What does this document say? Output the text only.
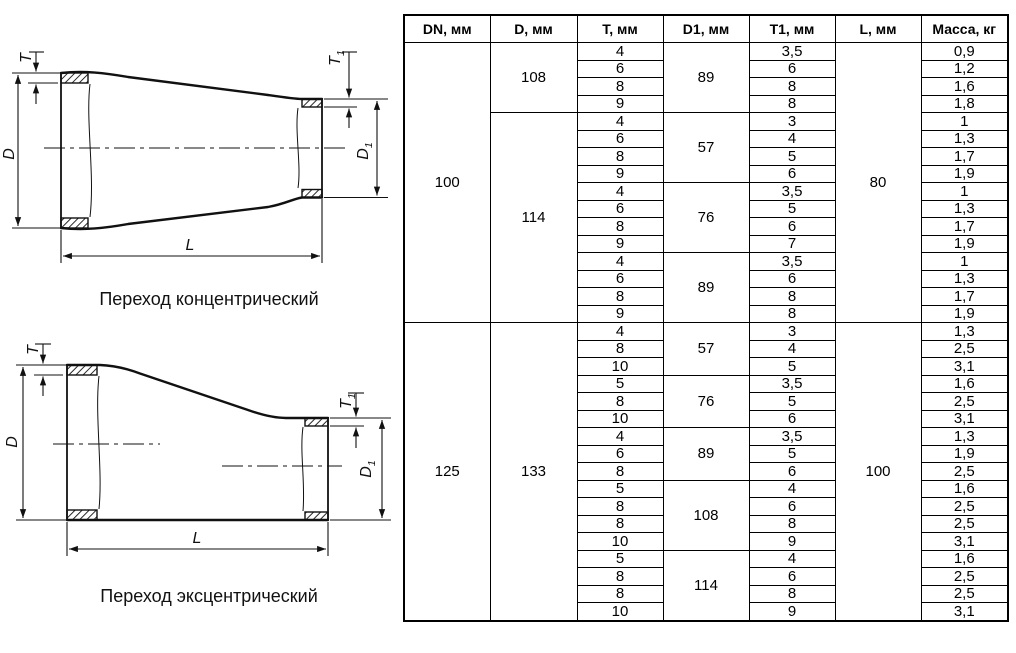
D	$D_1$
T	$T_1$
L
Переход концентрический
D
$D_1$
T
$T_1$
L
Переход эксцентрический
DN, мм	D, мм	T, мм	D1, мм	T1, мм	L, мм	Масса, кг
100	108	4	89	3,5	80	0,9
		6		6		1,2
		8		8		1,6
		9		8		1,8
	114	4	57	3		1
		6		4		1,3
		8		5		1,7
		9		6		1,9
		4	76	3,5		1
		6		5		1,3
		8		6		1,7
		9		7		1,9
		4	89	3,5		1
		6		6		1,3
		8		8		1,7
		9		8		1,9
125	133	4	57	3	100	1,3
		8		4		2,5
		10		5		3,1
		5	76	3,5		1,6
		8		5		2,5
		10		6		3,1
		4	89	3,5		1,3
		6		5		1,9
		8		6		2,5
		5	108	4		1,6
		8		6		2,5
		8		8		2,5
		10		9		3,1
		5	114	4		1,6
		8		6		2,5
		8		8		2,5
		10		9		3,1
